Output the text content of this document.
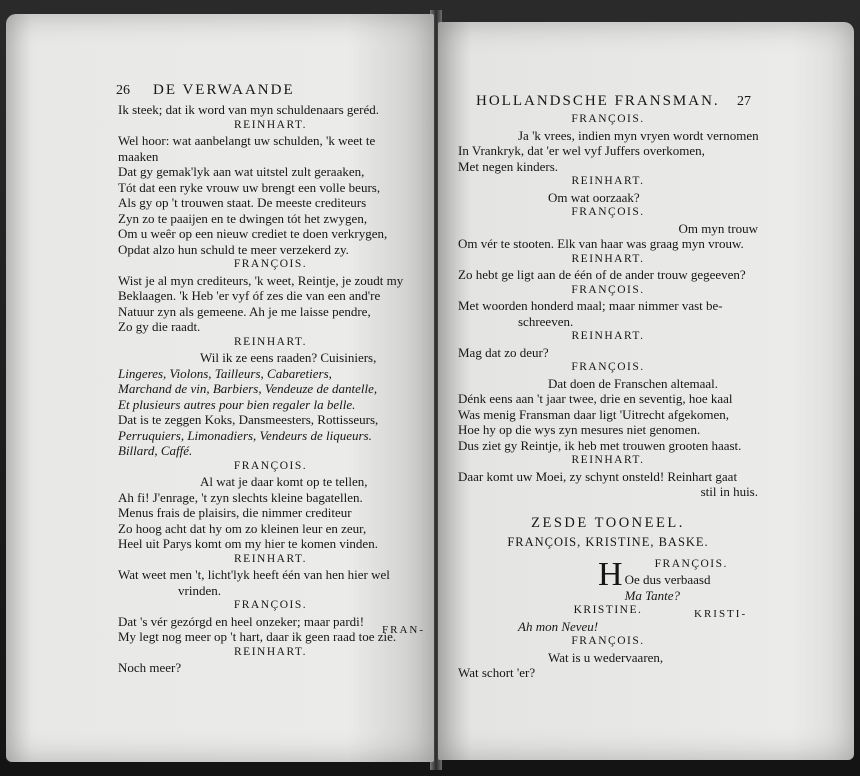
26 DE VERWAANDE
Ik steek; dat ik word van myn schuldenaars geréd.
REINHART.
Wel hoor: wat aanbelangt uw schulden, 'k weet te
maaken
Dat gy gemak'lyk aan wat uitstel zult geraaken,
Tót dat een ryke vrouw uw brengt een volle beurs,
Als gy op 't trouwen staat. De meeste crediteurs
Zyn zo te paaijen en te dwingen tót het zwygen,
Om u weêr op een nieuw crediet te doen verkrygen,
Opdat alzo hun schuld te meer verzekerd zy.
FRANÇOIS.
Wist je al myn crediteurs, 'k weet, Reintje, je zoudt my
Beklaagen. 'k Heb 'er vyf óf zes die van een and're
Natuur zyn als gemeene. Ah je me laisse pendre,
Zo gy die raadt.
REINHART.
Wil ik ze eens raaden? Cuisiniers,
Lingeres, Violons, Tailleurs, Cabaretiers,
Marchand de vin, Barbiers, Vendeuze de dantelle,
Et plusieurs autres pour bien regaler la belle.
Dat is te zeggen Koks, Dansmeesters, Rottisseurs,
Perruquiers, Limonadiers, Vendeurs de liqueurs.
Billard, Caffé.
FRANÇOIS.
Al wat je daar komt op te tellen,
Ah fi! J'enrage, 't zyn slechts kleine bagatellen.
Menus frais de plaisirs, die nimmer crediteur
Zo hoog acht dat hy om zo kleinen leur en zeur,
Heel uit Parys komt om my hier te komen vinden.
REINHART.
Wat weet men 't, licht'lyk heeft één van hen hier wel
vrinden.
FRANÇOIS.
Dat 's vér gezórgd en heel onzeker; maar pardi!
My legt nog meer op 't hart, daar ik geen raad toe zie.
REINHART.
Noch meer?
FRAN-
HOLLANDSCHE FRANSMAN. 27
FRANÇOIS.
Ja 'k vrees, indien myn vryen wordt vernomen
In Vrankryk, dat 'er wel vyf Juffers overkomen,
Met negen kinders.
REINHART.
Om wat oorzaak?
FRANÇOIS.
Om myn trouw
Om vér te stooten. Elk van haar was graag myn vrouw.
REINHART.
Zo hebt ge ligt aan de één of de ander trouw gegeeven?
FRANÇOIS.
Met woorden honderd maal; maar nimmer vast be-
schreeven.
REINHART.
Mag dat zo deur?
FRANÇOIS.
Dat doen de Franschen altemaal.
Dénk eens aan 't jaar twee, drie en seventig, hoe kaal
Was menig Fransman daar ligt 'Uitrecht afgekomen,
Hoe hy op die wys zyn mesures niet genomen.
Dus ziet gy Reintje, ik heb met trouwen grooten haast.
REINHART.
Daar komt uw Moei, zy schynt onsteld! Reinhart gaat
stil in huis.
ZESDE TOONEEL.
FRANÇOIS, KRISTINE, BASKE.
H	FRANÇOIS.
Oe dus verbaasd
Ma Tante?
KRISTINE.
Ah mon Neveu!
FRANÇOIS.
Wat is u wedervaaren,
Wat schort 'er?
KRISTI-
